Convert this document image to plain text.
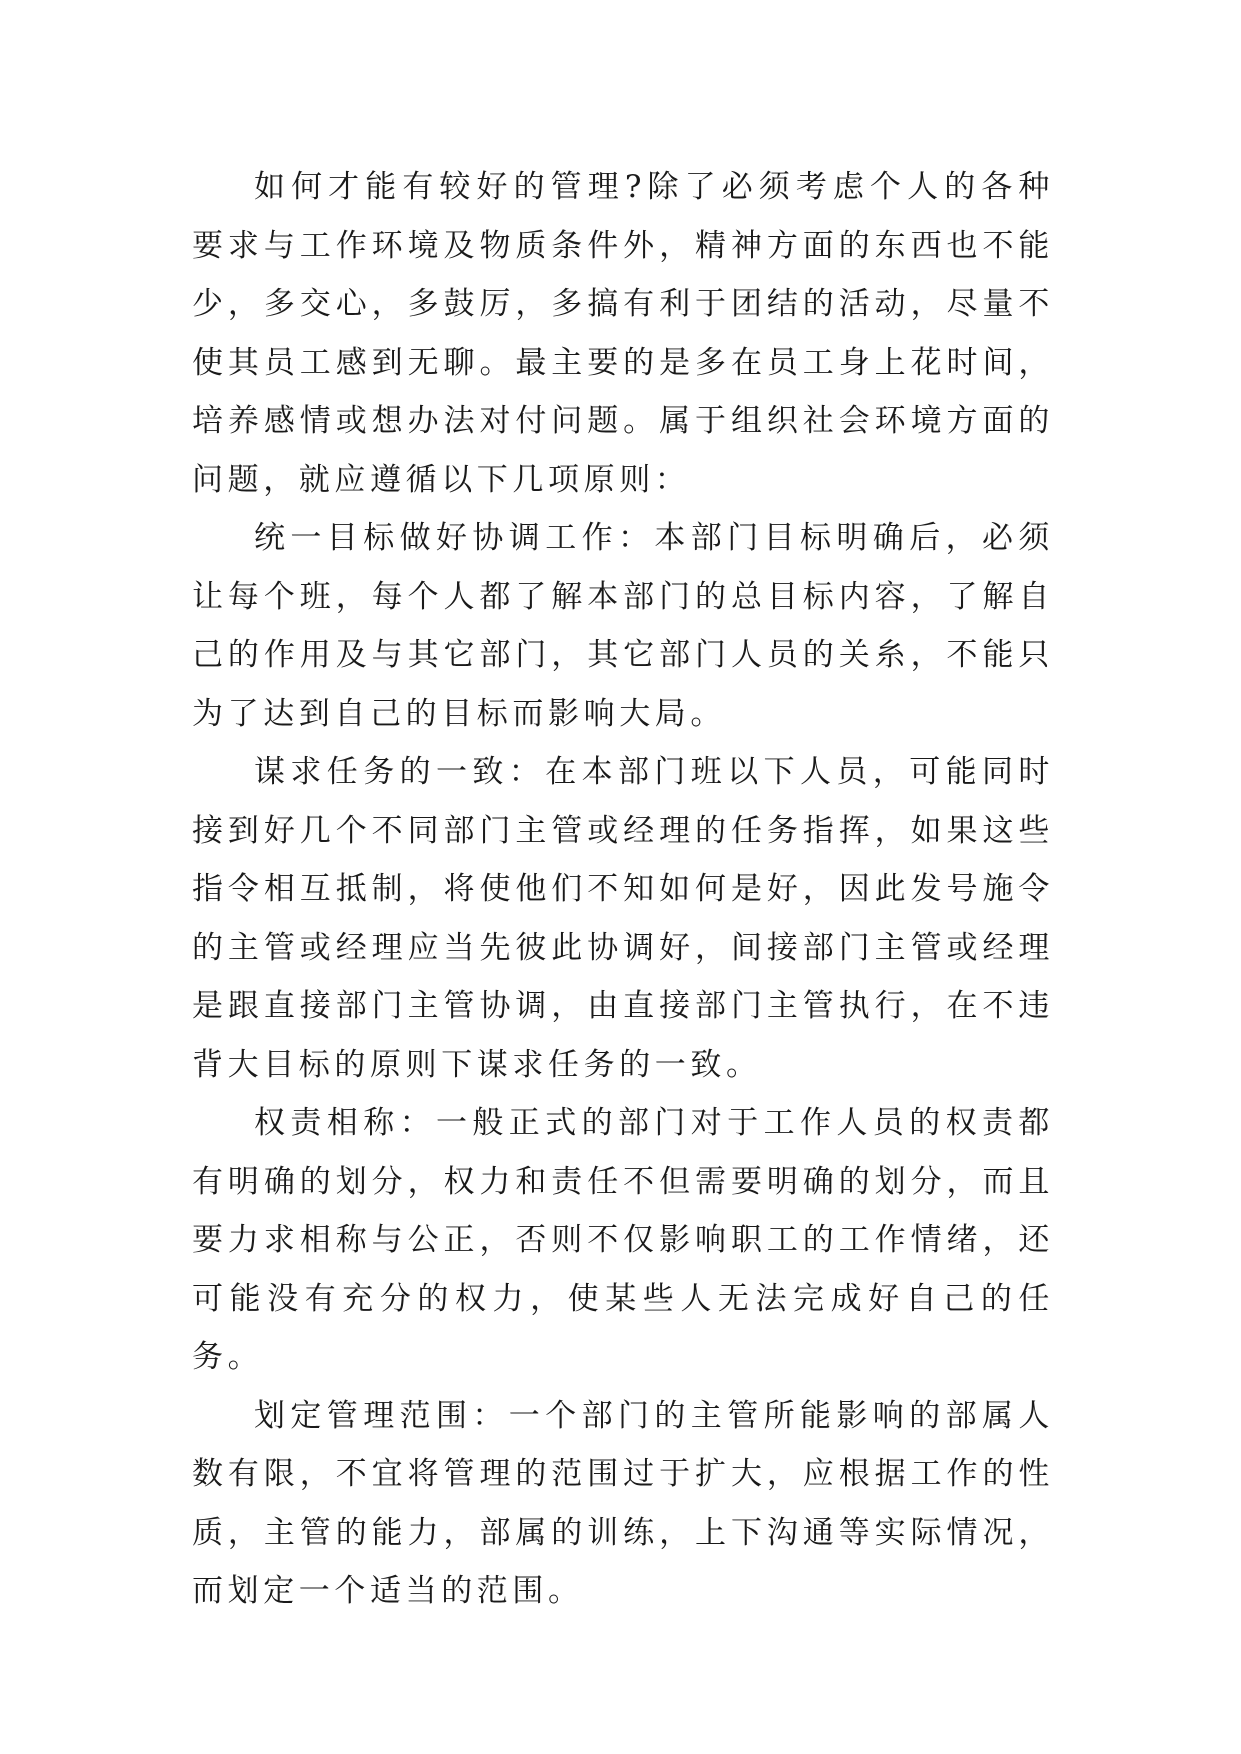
如何才能有较好的管理?除了必须考虑个人的各种要求与工作环境及物质条件外，精神方面的东西也不能少，多交心，多鼓厉，多搞有利于团结的活动，尽量不使其员工感到无聊。最主要的是多在员工身上花时间，培养感情或想办法对付问题。属于组织社会环境方面的问题，就应遵循以下几项原则：

统一目标做好协调工作：本部门目标明确后，必须让每个班，每个人都了解本部门的总目标内容，了解自己的作用及与其它部门，其它部门人员的关糸，不能只为了达到自己的目标而影响大局。

谋求任务的一致：在本部门班以下人员，可能同时接到好几个不同部门主管或经理的任务指挥，如果这些指令相互抵制，将使他们不知如何是好，因此发号施令的主管或经理应当先彼此协调好，间接部门主管或经理是跟直接部门主管协调，由直接部门主管执行，在不违背大目标的原则下谋求任务的一致。

权责相称：一般正式的部门对于工作人员的权责都有明确的划分，权力和责任不但需要明确的划分，而且要力求相称与公正，否则不仅影响职工的工作情绪，还可能没有充分的权力，使某些人无法完成好自己的任务。

划定管理范围：一个部门的主管所能影响的部属人数有限，不宜将管理的范围过于扩大，应根据工作的性质，主管的能力，部属的训练，上下沟通等实际情况，而划定一个适当的范围。
